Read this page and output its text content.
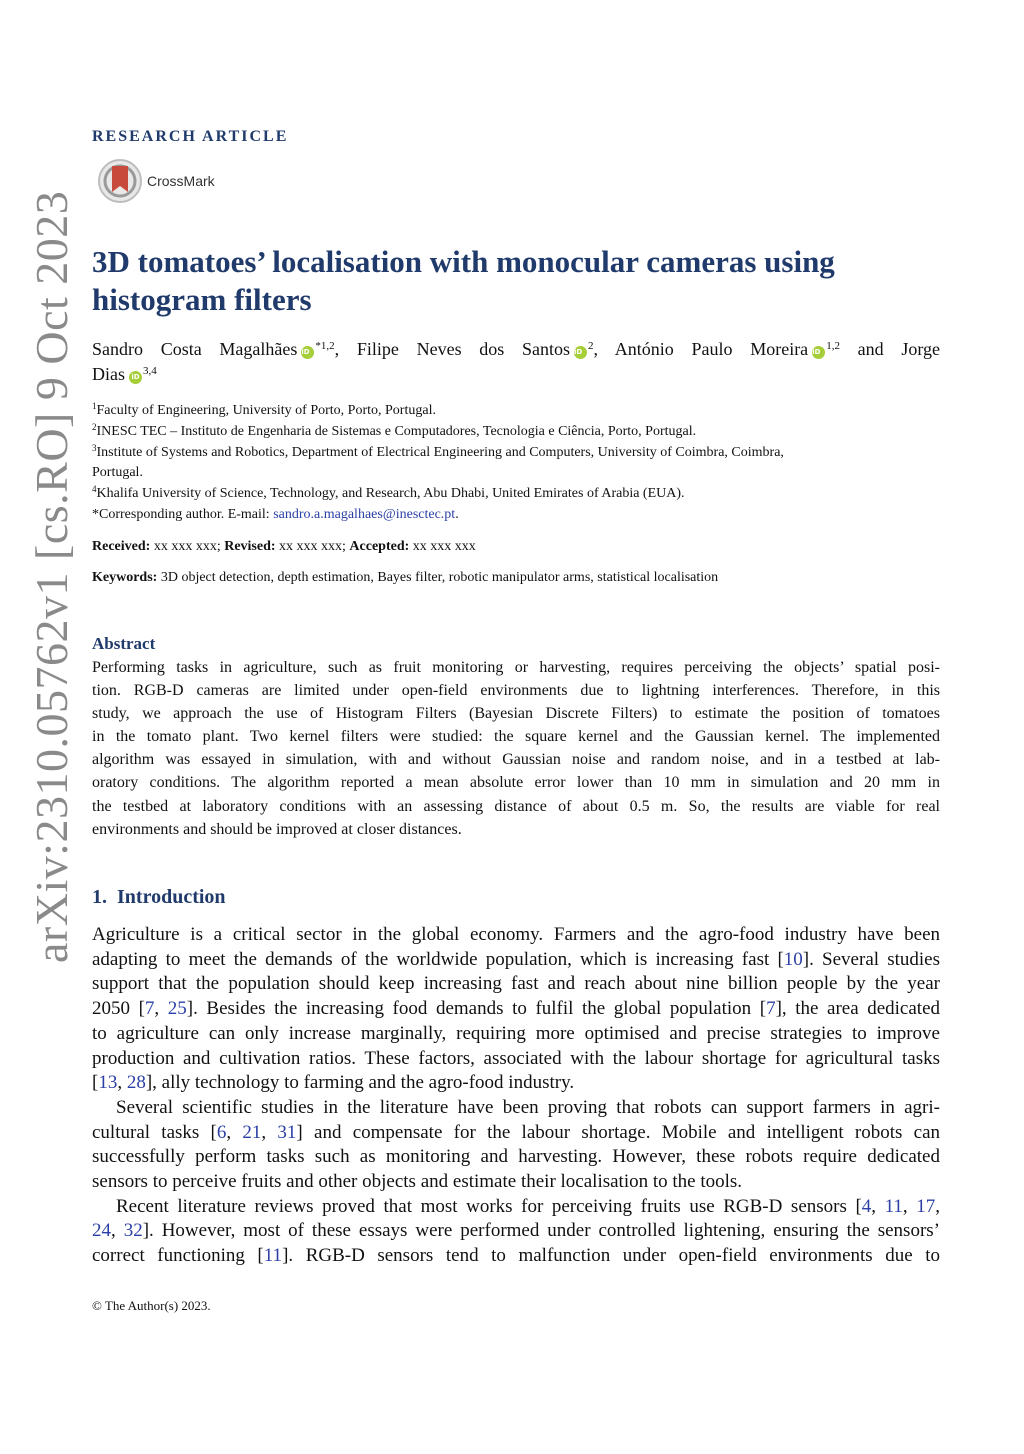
arXiv:2310.05762v1 [cs.RO] 9 Oct 2023
RESEARCH ARTICLE
CrossMark
3D tomatoes’ localisation with monocular cameras using
histogram filters
Sandro Costa Magalhães iD $^{*1,2}$, Filipe Neves dos Santos iD $^2$, António Paulo Moreira iD $^{1,2}$ and Jorge
Dias iD $^{3,4}$
$^1$Faculty of Engineering, University of Porto, Porto, Portugal.
$^2$INESC TEC – Instituto de Engenharia de Sistemas e Computadores, Tecnologia e Ciência, Porto, Portugal.
$^3$Institute of Systems and Robotics, Department of Electrical Engineering and Computers, University of Coimbra, Coimbra,
Portugal.
$^4$Khalifa University of Science, Technology, and Research, Abu Dhabi, United Emirates of Arabia (EUA).
*Corresponding author. E-mail: sandro.a.magalhaes@inesctec.pt.
Received: xx xxx xxx; Revised: xx xxx xxx; Accepted: xx xxx xxx
Keywords: 3D object detection, depth estimation, Bayes filter, robotic manipulator arms, statistical localisation
Abstract
Performing tasks in agriculture, such as fruit monitoring or harvesting, requires perceiving the objects’ spatial posi-
tion. RGB-D cameras are limited under open-field environments due to lightning interferences. Therefore, in this
study, we approach the use of Histogram Filters (Bayesian Discrete Filters) to estimate the position of tomatoes
in the tomato plant. Two kernel filters were studied: the square kernel and the Gaussian kernel. The implemented
algorithm was essayed in simulation, with and without Gaussian noise and random noise, and in a testbed at lab-
oratory conditions. The algorithm reported a mean absolute error lower than 10 mm in simulation and 20 mm in
the testbed at laboratory conditions with an assessing distance of about 0.5 m. So, the results are viable for real
environments and should be improved at closer distances.
1. Introduction
Agriculture is a critical sector in the global economy. Farmers and the agro-food industry have been
adapting to meet the demands of the worldwide population, which is increasing fast [10]. Several studies
support that the population should keep increasing fast and reach about nine billion people by the year
2050 [7, 25]. Besides the increasing food demands to fulfil the global population [7], the area dedicated
to agriculture can only increase marginally, requiring more optimised and precise strategies to improve
production and cultivation ratios. These factors, associated with the labour shortage for agricultural tasks
[13, 28], ally technology to farming and the agro-food industry.
Several scientific studies in the literature have been proving that robots can support farmers in agri-
cultural tasks [6, 21, 31] and compensate for the labour shortage. Mobile and intelligent robots can
successfully perform tasks such as monitoring and harvesting. However, these robots require dedicated
sensors to perceive fruits and other objects and estimate their localisation to the tools.
Recent literature reviews proved that most works for perceiving fruits use RGB-D sensors [4, 11, 17,
24, 32]. However, most of these essays were performed under controlled lightening, ensuring the sensors’
correct functioning [11]. RGB-D sensors tend to malfunction under open-field environments due to
© The Author(s) 2023.
